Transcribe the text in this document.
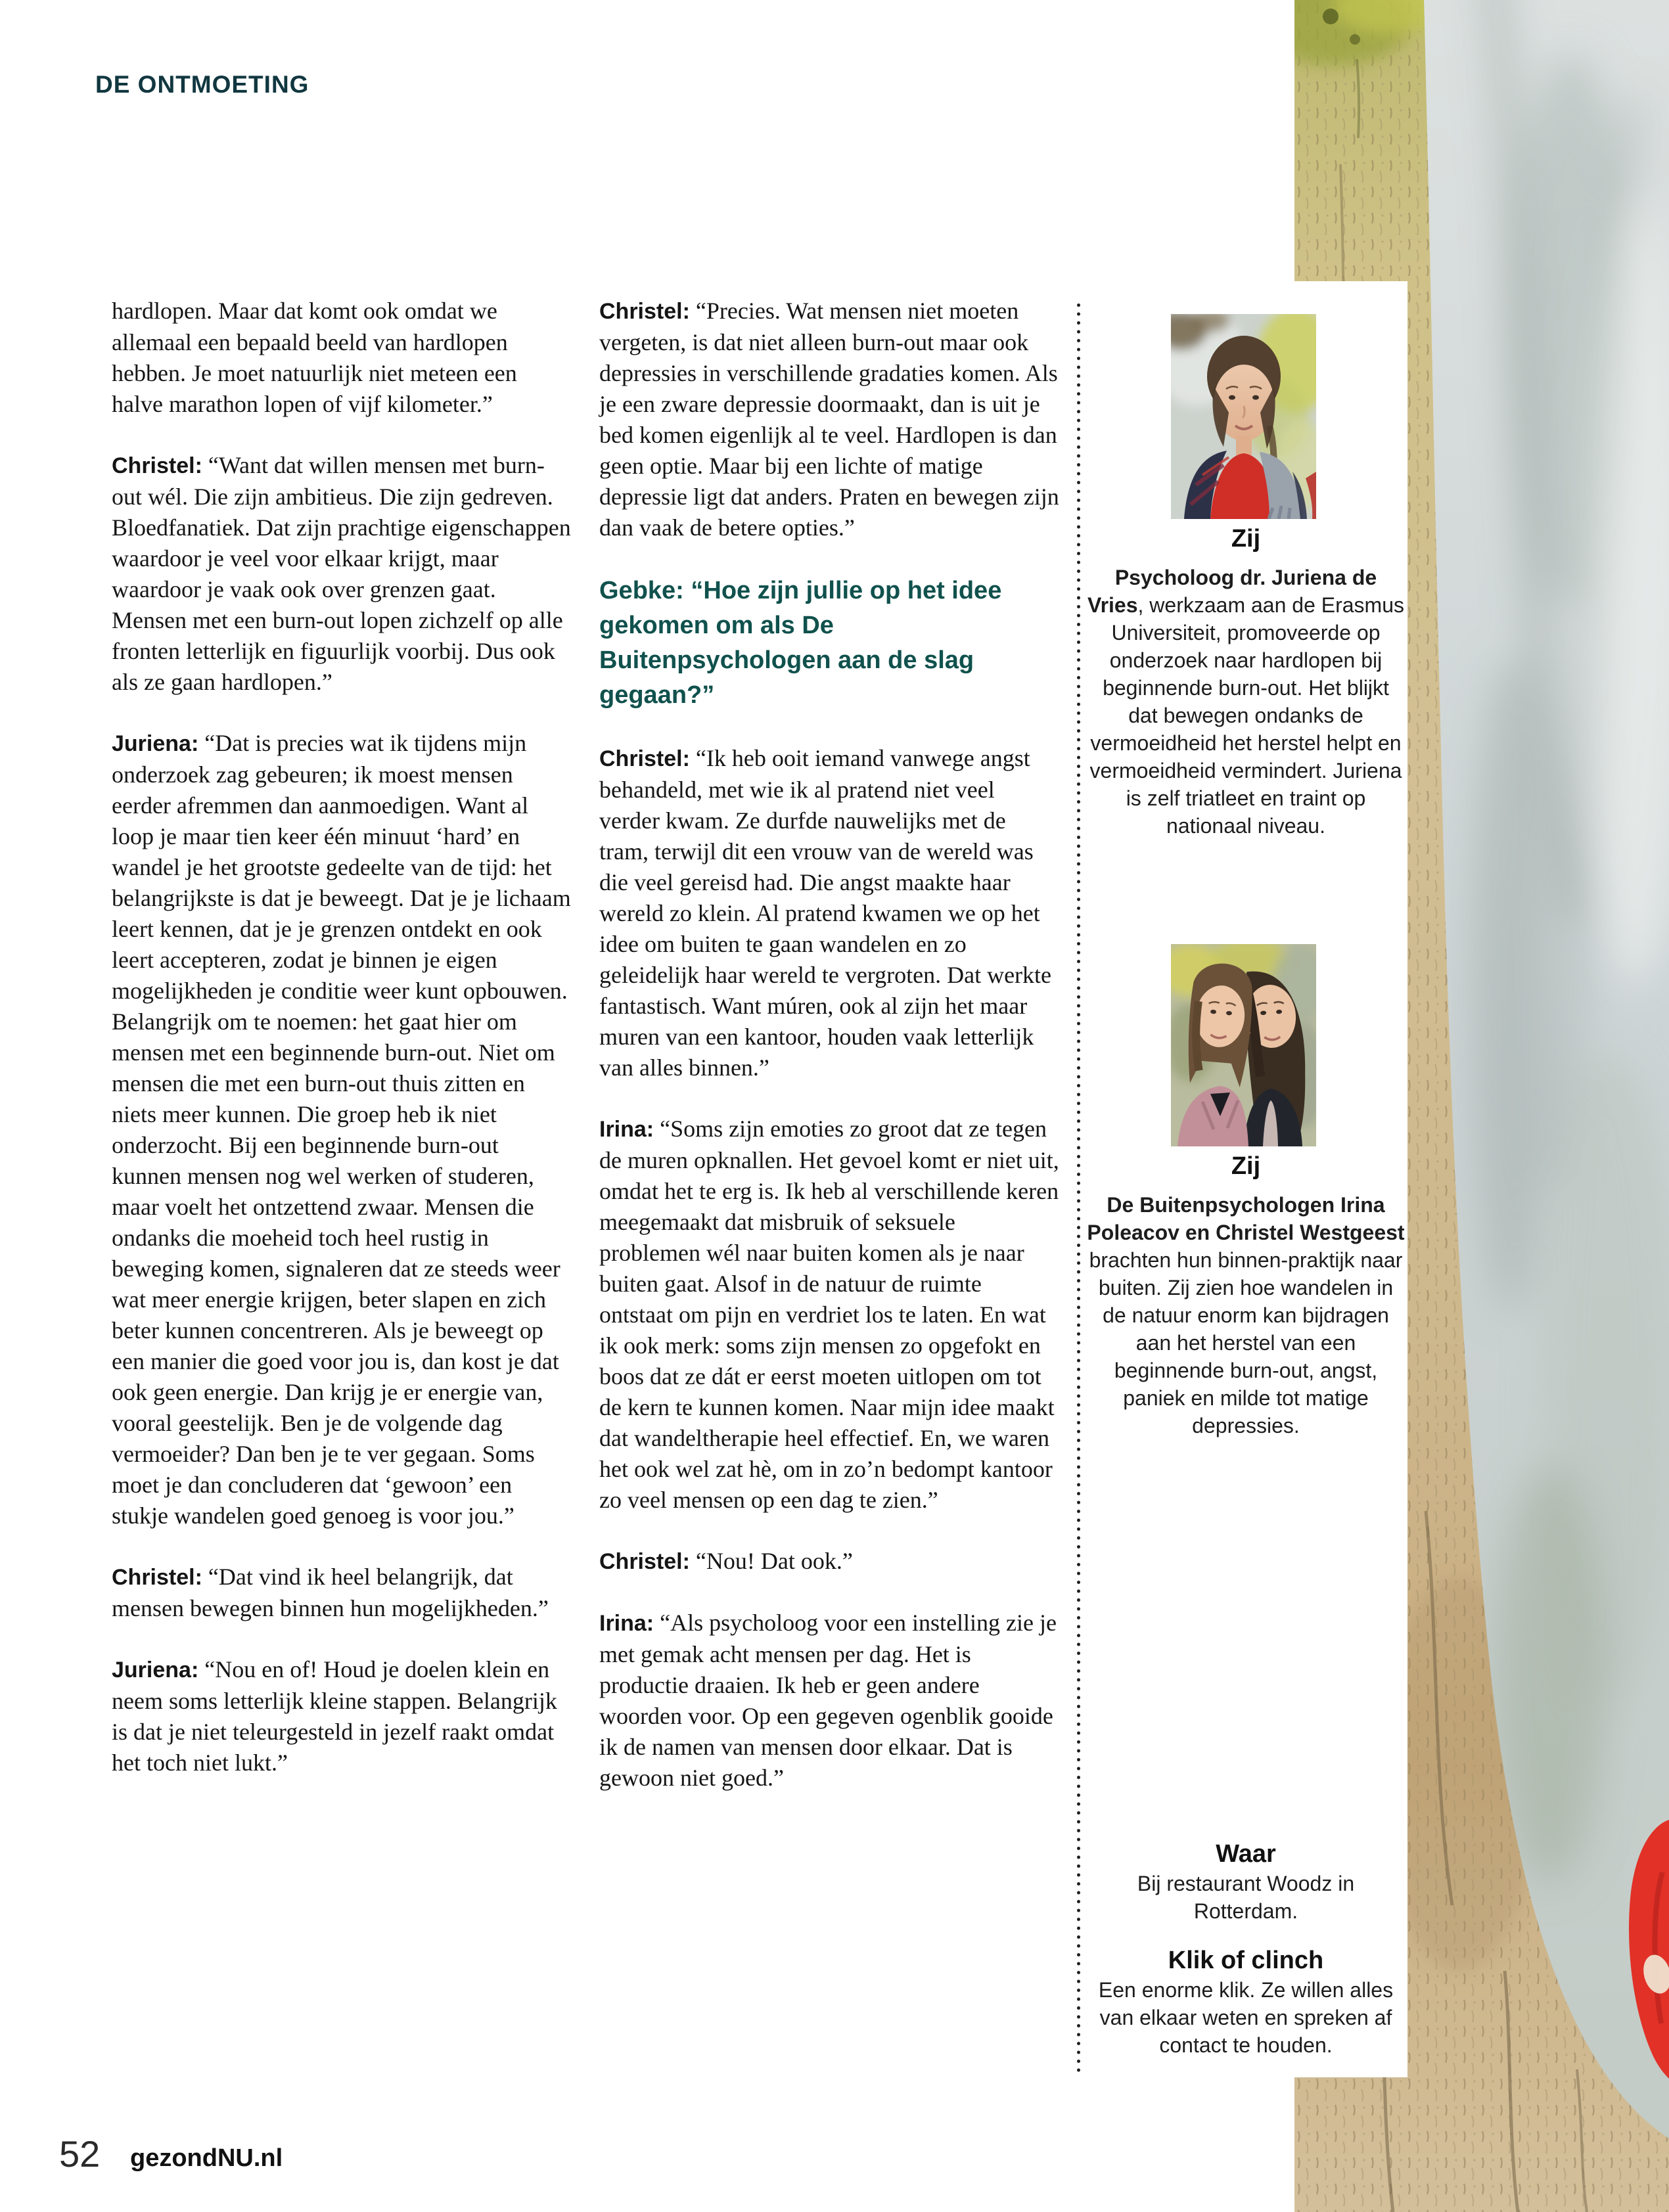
DE ONTMOETING

hardlopen. Maar dat komt ook omdat we allemaal een bepaald beeld van hardlopen hebben. Je moet natuurlijk niet meteen een halve marathon lopen of vijf kilometer.”

Christel: “Want dat willen mensen met burn-out wél. Die zijn ambitieus. Die zijn gedreven. Bloedfanatiek. Dat zijn prachtige eigenschappen waardoor je veel voor elkaar krijgt, maar waardoor je vaak ook over grenzen gaat. Mensen met een burn-out lopen zichzelf op alle fronten letterlijk en figuurlijk voorbij. Dus ook als ze gaan hardlopen.”

Juriena: “Dat is precies wat ik tijdens mijn onderzoek zag gebeuren; ik moest mensen eerder afremmen dan aanmoedigen. Want al loop je maar tien keer één minuut ‘hard’ en wandel je het grootste gedeelte van de tijd: het belangrijkste is dat je beweegt. Dat je je lichaam leert kennen, dat je je grenzen ontdekt en ook leert accepteren, zodat je binnen je eigen mogelijkheden je conditie weer kunt opbouwen. Belangrijk om te noemen: het gaat hier om mensen met een beginnende burn-out. Niet om mensen die met een burn-out thuis zitten en niets meer kunnen. Die groep heb ik niet onderzocht. Bij een beginnende burn-out kunnen mensen nog wel werken of studeren, maar voelt het ontzettend zwaar. Mensen die ondanks die moeheid toch heel rustig in beweging komen, signaleren dat ze steeds weer wat meer energie krijgen, beter slapen en zich beter kunnen concentreren. Als je beweegt op een manier die goed voor jou is, dan kost je dat ook geen energie. Dan krijg je er energie van, vooral geestelijk. Ben je de volgende dag vermoeider? Dan ben je te ver gegaan. Soms moet je dan concluderen dat ‘gewoon’ een stukje wandelen goed genoeg is voor jou.”

Christel: “Dat vind ik heel belangrijk, dat mensen bewegen binnen hun mogelijkheden.”

Juriena: “Nou en of! Houd je doelen klein en neem soms letterlijk kleine stappen. Belangrijk is dat je niet teleurgesteld in jezelf raakt omdat het toch niet lukt.”

Christel: “Precies. Wat mensen niet moeten vergeten, is dat niet alleen burn-out maar ook depressies in verschillende gradaties komen. Als je een zware depressie doormaakt, dan is uit je bed komen eigenlijk al te veel. Hardlopen is dan geen optie. Maar bij een lichte of matige depressie ligt dat anders. Praten en bewegen zijn dan vaak de betere opties.”

Gebke: “Hoe zijn jullie op het idee gekomen om als De Buitenpsychologen aan de slag gegaan?”

Christel: “Ik heb ooit iemand vanwege angst behandeld, met wie ik al pratend niet veel verder kwam. Ze durfde nauwelijks met de tram, terwijl dit een vrouw van de wereld was die veel gereisd had. Die angst maakte haar wereld zo klein. Al pratend kwamen we op het idee om buiten te gaan wandelen en zo geleidelijk haar wereld te vergroten. Dat werkte fantastisch. Want múren, ook al zijn het maar muren van een kantoor, houden vaak letterlijk van alles binnen.”

Irina: “Soms zijn emoties zo groot dat ze tegen de muren opknallen. Het gevoel komt er niet uit, omdat het te erg is. Ik heb al verschillende keren meegemaakt dat misbruik of seksuele problemen wél naar buiten komen als je naar buiten gaat. Alsof in de natuur de ruimte ontstaat om pijn en verdriet los te laten. En wat ik ook merk: soms zijn mensen zo opgefokt en boos dat ze dát er eerst moeten uitlopen om tot de kern te kunnen komen. Naar mijn idee maakt dat wandeltherapie heel effectief. En, we waren het ook wel zat hè, om in zo’n bedompt kantoor zo veel mensen op een dag te zien.”

Christel: “Nou! Dat ook.”

Irina: “Als psycholoog voor een instelling zie je met gemak acht mensen per dag. Het is productie draaien. Ik heb er geen andere woorden voor. Op een gegeven ogenblik gooide ik de namen van mensen door elkaar. Dat is gewoon niet goed.”

Zij
Psycholoog dr. Juriena de Vries, werkzaam aan de Erasmus Universiteit, promoveerde op onderzoek naar hardlopen bij beginnende burn-out. Het blijkt dat bewegen ondanks de vermoeidheid het herstel helpt en vermoeidheid vermindert. Juriena is zelf triatleet en traint op nationaal niveau.
Zij
De Buitenpsychologen Irina Poleacov en Christel Westgeest brachten hun binnen-praktijk naar buiten. Zij zien hoe wandelen in de natuur enorm kan bijdragen aan het herstel van een beginnende burn-out, angst, paniek en milde tot matige depressies.
Waar
Bij restaurant Woodz in Rotterdam.
Klik of clinch
Een enorme klik. Ze willen alles van elkaar weten en spreken af contact te houden.
52 gezondNU.nl
